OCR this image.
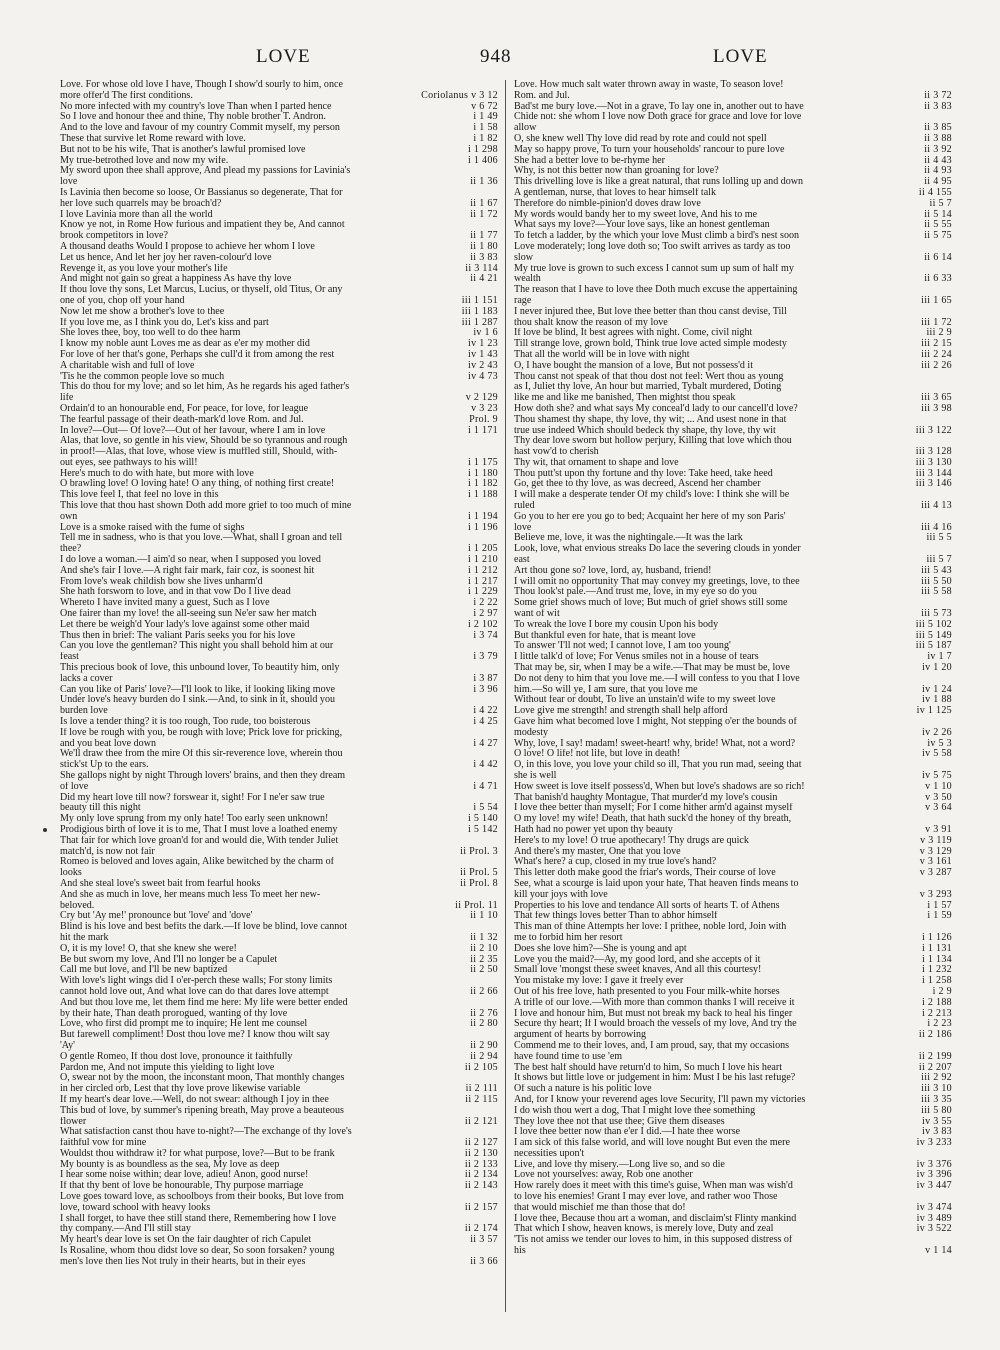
LOVE	948	LOVE
Love. For whose old love I have, Though I show'd sourly to him, once
Coriolanus v 3 12
more offer'd The first conditions.
v 6 72
No more infected with my country's love Than when I parted hence
i 1 49
So I love and honour thee and thine, Thy noble brother T. Andron.
i 1 58
And to the love and favour of my country Commit myself, my person
i 1 82
These that survive let Rome reward with love.
i 1 298
But not to be his wife, That is another's lawful promised love
i 1 406
My true-betrothed love and now my wife.
My sword upon thee shall approve, And plead my passions for Lavinia's
ii 1 36
love
Is Lavinia then become so loose, Or Bassianus so degenerate, That for
ii 1 67
her love such quarrels may be broach'd?
ii 1 72
I love Lavinia more than all the world
Know ye not, in Rome How furious and impatient they be, And cannot
ii 1 77
brook competitors in love?
ii 1 80
A thousand deaths Would I propose to achieve her whom I love
ii 3 83
Let us hence, And let her joy her raven-colour'd love
ii 3 114
Revenge it, as you love your mother's life
ii 4 21
And might not gain so great a happiness As have thy love
If thou love thy sons, Let Marcus, Lucius, or thyself, old Titus, Or any
iii 1 151
one of you, chop off your hand
iii 1 183
Now let me show a brother's love to thee
iii 1 287
If you love me, as I think you do, Let's kiss and part
iv 1 6
She loves thee, boy, too well to do thee harm
iv 1 23
I know my noble aunt Loves me as dear as e'er my mother did
iv 1 43
For love of her that's gone, Perhaps she cull'd it from among the rest
iv 2 43
A charitable wish and full of love
iv 4 73
'Tis he the common people love so much
This do thou for my love; and so let him, As he regards his aged father's
v 2 129
life
v 3 23
Ordain'd to an honourable end, For peace, for love, for league
Prol. 9
The fearful passage of their death-mark'd love Rom. and Jul.
i 1 171
In love?—Out— Of love?—Out of her favour, where I am in love
Alas, that love, so gentle in his view, Should be so tyrannous and rough
in proof!—Alas, that love, whose view is muffled still, Should, with-
i 1 175
out eyes, see pathways to his will!
i 1 180
Here's much to do with hate, but more with love
i 1 182
O brawling love! O loving hate! O any thing, of nothing first create!
i 1 188
This love feel I, that feel no love in this
This love that thou hast shown Doth add more grief to too much of mine
i 1 194
own
i 1 196
Love is a smoke raised with the fume of sighs
Tell me in sadness, who is that you love.—What, shall I groan and tell
i 1 205
thee?
i 1 210
I do love a woman.—I aim'd so near, when I supposed you loved
i 1 212
And she's fair I love.—A right fair mark, fair coz, is soonest hit
i 1 217
From love's weak childish bow she lives unharm'd
i 1 229
She hath forsworn to love, and in that vow Do I live dead
i 2 22
Whereto I have invited many a guest, Such as I love
i 2 97
One fairer than my love! the all-seeing sun Ne'er saw her match
i 2 102
Let there be weigh'd Your lady's love against some other maid
i 3 74
Thus then in brief: The valiant Paris seeks you for his love
Can you love the gentleman? This night you shall behold him at our
i 3 79
feast
This precious book of love, this unbound lover, To beautify him, only
i 3 87
lacks a cover
i 3 96
Can you like of Paris' love?—I'll look to like, if looking liking move
Under love's heavy burden do I sink.—And, to sink in it, should you
i 4 22
burden love
i 4 25
Is love a tender thing? it is too rough, Too rude, too boisterous
If love be rough with you, be rough with love; Prick love for pricking,
i 4 27
and you beat love down
We'll draw thee from the mire Of this sir-reverence love, wherein thou
i 4 42
stick'st Up to the ears.
She gallops night by night Through lovers' brains, and then they dream
i 4 71
of love
Did my heart love till now? forswear it, sight! For I ne'er saw true
i 5 54
beauty till this night
i 5 140
My only love sprung from my only hate! Too early seen unknown!
i 5 142
Prodigious birth of love it is to me, That I must love a loathed enemy
That fair for which love groan'd for and would die, With tender Juliet
ii Prol. 3
match'd, is now not fair
Romeo is beloved and loves again, Alike bewitched by the charm of
ii Prol. 5
looks
ii Prol. 8
And she steal love's sweet bait from fearful hooks
And she as much in love, her means much less To meet her new-
ii Prol. 11
beloved.
ii 1 10
Cry but 'Ay me!' pronounce but 'love' and 'dove'
Blind is his love and best befits the dark.—If love be blind, love cannot
ii 1 32
hit the mark
ii 2 10
O, it is my love! O, that she knew she were!
ii 2 35
Be but sworn my love, And I'll no longer be a Capulet
ii 2 50
Call me but love, and I'll be new baptized
With love's light wings did I o'er-perch these walls; For stony limits
ii 2 66
cannot hold love out, And what love can do that dares love attempt
And but thou love me, let them find me here: My life were better ended
ii 2 76
by their hate, Than death prorogued, wanting of thy love
ii 2 80
Love, who first did prompt me to inquire; He lent me counsel
But farewell compliment! Dost thou love me? I know thou wilt say
ii 2 90
'Ay'
ii 2 94
O gentle Romeo, If thou dost love, pronounce it faithfully
ii 2 105
Pardon me, And not impute this yielding to light love
O, swear not by the moon, the inconstant moon, That monthly changes
ii 2 111
in her circled orb, Lest that thy love prove likewise variable
ii 2 115
If my heart's dear love.—Well, do not swear: although I joy in thee
This bud of love, by summer's ripening breath, May prove a beauteous
ii 2 121
flower
What satisfaction canst thou have to-night?—The exchange of thy love's
ii 2 127
faithful vow for mine
ii 2 130
Wouldst thou withdraw it? for what purpose, love?—But to be frank
ii 2 133
My bounty is as boundless as the sea, My love as deep
ii 2 134
I hear some noise within; dear love, adieu! Anon, good nurse!
ii 2 143
If that thy bent of love be honourable, Thy purpose marriage
Love goes toward love, as schoolboys from their books, But love from
ii 2 157
love, toward school with heavy looks
I shall forget, to have thee still stand there, Remembering how I love
ii 2 174
thy company.—And I'll still stay
ii 3 57
My heart's dear love is set On the fair daughter of rich Capulet
Is Rosaline, whom thou didst love so dear, So soon forsaken? young
ii 3 66
men's love then lies Not truly in their hearts, but in their eyes
Love. How much salt water thrown away in waste, To season love!
ii 3 72
Rom. and Jul.
ii 3 83
Bad'st me bury love.—Not in a grave, To lay one in, another out to have
Chide not: she whom I love now Doth grace for grace and love for love
ii 3 85
allow
ii 3 88
O, she knew well Thy love did read by rote and could not spell
ii 3 92
May so happy prove, To turn your households' rancour to pure love
ii 4 43
She had a better love to be-rhyme her
ii 4 93
Why, is not this better now than groaning for love?
ii 4 95
This drivelling love is like a great natural, that runs lolling up and down
ii 4 155
A gentleman, nurse, that loves to hear himself talk
ii 5 7
Therefore do nimble-pinion'd doves draw love
ii 5 14
My words would bandy her to my sweet love, And his to me
ii 5 55
What says my love?—Your love says, like an honest gentleman
ii 5 75
To fetch a ladder, by the which your love Must climb a bird's nest soon
Love moderately; long love doth so; Too swift arrives as tardy as too
ii 6 14
slow
My true love is grown to such excess I cannot sum up sum of half my
ii 6 33
wealth
The reason that I have to love thee Doth much excuse the appertaining
iii 1 65
rage
I never injured thee, But love thee better than thou canst devise, Till
iii 1 72
thou shalt know the reason of my love
iii 2 9
If love be blind, It best agrees with night. Come, civil night
iii 2 15
Till strange love, grown bold, Think true love acted simple modesty
iii 2 24
That all the world will be in love with night
iii 2 26
O, I have bought the mansion of a love, But not possess'd it
Thou canst not speak of that thou dost not feel: Wert thou as young
as I, Juliet thy love, An hour but married, Tybalt murdered, Doting
iii 3 65
like me and like me banished, Then mightst thou speak
iii 3 98
How doth she? and what says My conceal'd lady to our cancell'd love?
Thou shamest thy shape, thy love, thy wit; ... And usest none in that
iii 3 122
true use indeed Which should bedeck thy shape, thy love, thy wit
Thy dear love sworn but hollow perjury, Killing that love which thou
iii 3 128
hast vow'd to cherish
iii 3 130
Thy wit, that ornament to shape and love
iii 3 144
Thou putt'st upon thy fortune and thy love: Take heed, take heed
iii 3 146
Go, get thee to thy love, as was decreed, Ascend her chamber
I will make a desperate tender Of my child's love: I think she will be
iii 4 13
ruled
Go you to her ere you go to bed; Acquaint her here of my son Paris'
iii 4 16
love
iii 5 5
Believe me, love, it was the nightingale.—It was the lark
Look, love, what envious streaks Do lace the severing clouds in yonder
iii 5 7
east
iii 5 43
Art thou gone so? love, lord, ay, husband, friend!
iii 5 50
I will omit no opportunity That may convey my greetings, love, to thee
iii 5 58
Thou look'st pale.—And trust me, love, in my eye so do you
Some grief shows much of love; But much of grief shows still some
iii 5 73
want of wit
iii 5 102
To wreak the love I bore my cousin Upon his body
iii 5 149
But thankful even for hate, that is meant love
iii 5 187
To answer 'I'll not wed; I cannot love, I am too young'
iv 1 7
I little talk'd of love; For Venus smiles not in a house of tears
iv 1 20
That may be, sir, when I may be a wife.—That may be must be, love
Do not deny to him that you love me.—I will confess to you that I love
iv 1 24
him.—So will ye, I am sure, that you love me
iv 1 88
Without fear or doubt, To live an unstain'd wife to my sweet love
iv 1 125
Love give me strength! and strength shall help afford
Gave him what becomed love I might, Not stepping o'er the bounds of
iv 2 26
modesty
iv 5 3
Why, love, I say! madam! sweet-heart! why, bride! What, not a word?
iv 5 58
O love! O life! not life, but love in death!
O, in this love, you love your child so ill, That you run mad, seeing that
iv 5 75
she is well
v 1 10
How sweet is love itself possess'd, When but love's shadows are so rich!
v 3 50
That banish'd haughty Montague, That murder'd my love's cousin
v 3 64
I love thee better than myself; For I come hither arm'd against myself
O my love! my wife! Death, that hath suck'd the honey of thy breath,
v 3 91
Hath had no power yet upon thy beauty
v 3 119
Here's to my love! O true apothecary! Thy drugs are quick
v 3 129
And there's my master, One that you love
v 3 161
What's here? a cup, closed in my true love's hand?
v 3 287
This letter doth make good the friar's words, Their course of love
See, what a scourge is laid upon your hate, That heaven finds means to
v 3 293
kill your joys with love
i 1 57
Properties to his love and tendance All sorts of hearts T. of Athens
i 1 59
That few things loves better Than to abhor himself
This man of thine Attempts her love: I prithee, noble lord, Join with
i 1 126
me to forbid him her resort
i 1 131
Does she love him?—She is young and apt
i 1 134
Love you the maid?—Ay, my good lord, and she accepts of it
i 1 232
Small love 'mongst these sweet knaves, And all this courtesy!
i 1 258
You mistake my love: I gave it freely ever
i 2 9
Out of his free love, hath presented to you Four milk-white horses
i 2 188
A trifle of our love.—With more than common thanks I will receive it
i 2 213
I love and honour him, But must not break my back to heal his finger
i 2 23
Secure thy heart; If I would broach the vessels of my love, And try the
ii 2 186
argument of hearts by borrowing
Commend me to their loves, and, I am proud, say, that my occasions
ii 2 199
have found time to use 'em
ii 2 207
The best half should have return'd to him, So much I love his heart
iii 2 92
It shows but little love or judgement in him: Must I be his last refuge?
iii 3 10
Of such a nature is his politic love
iii 3 35
And, for I know your reverend ages love Security, I'll pawn my victories
iii 5 80
I do wish thou wert a dog, That I might love thee something
iv 3 55
They love thee not that use thee; Give them diseases
iv 3 83
I love thee better now than e'er I did.—I hate thee worse
iv 3 233
I am sick of this false world, and will love nought But even the mere
necessities upon't
iv 3 376
Live, and love thy misery.—Long live so, and so die
iv 3 396
Love not yourselves: away, Rob one another
iv 3 447
How rarely does it meet with this time's guise, When man was wish'd
to love his enemies! Grant I may ever love, and rather woo Those
iv 3 474
that would mischief me than those that do!
iv 3 489
I love thee, Because thou art a woman, and disclaim'st Flinty mankind
iv 3 522
That which I show, heaven knows, is merely love, Duty and zeal
'Tis not amiss we tender our loves to him, in this supposed distress of
v 1 14
his
